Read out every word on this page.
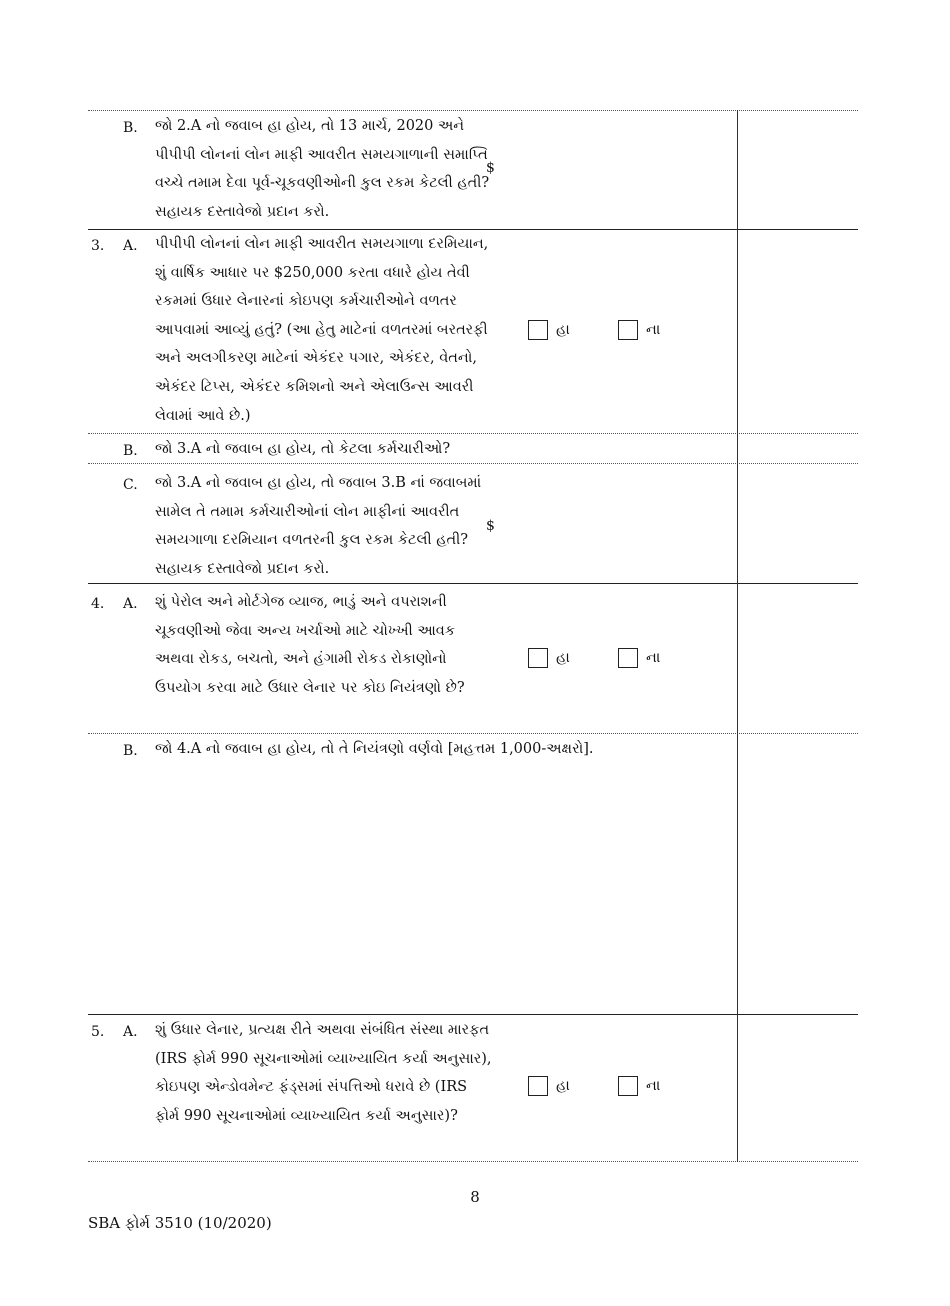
B. જો 2.A નો જવાબ હા હોય, તો 13 માર્ચ, 2020 અને પીપીપી લોનનાં લોન માફી આવરીત સમયગાળાની સમાપ્તિ વચ્ચે તમામ દેવા પૂર્વ-ચૂકવણીઓની કુલ રકમ કેટલી હતી? સહાયક દસ્તાવેજો પ્રદાન કરો.
$
3. A. પીપીપી લોનનાં લોન માફી આવરીત સમયગાળા દરમિયાન, શું વાર્ષિક આધાર પર $250,000 કરતા વધારે હોય તેવી રકમમાં ઉધાર લેનારનાં કોઇપણ કર્મચારીઓને વળતર આપવામાં આવ્યું હતું? (આ હેતુ માટેનાં વળતરમાં બરતરફી અને અલગીકરણ માટેનાં એકંદર પગાર, એકંદર, વેતનો, એકંદર ટિપ્સ, એકંદર કમિશનો અને એલાઉન્સ આવરી લેવામાં આવે છે.)
હા	ના
B. જો 3.A નો જવાબ હા હોય, તો કેટલા કર્મચારીઓ?
C. જો 3.A નો જવાબ હા હોય, તો જવાબ 3.B નાં જવાબમાં સામેલ તે તમામ કર્મચારીઓનાં લોન માફીનાં આવરીત સમયગાળા દરમિયાન વળતરની કુલ રકમ કેટલી હતી? સહાયક દસ્તાવેજો પ્રદાન કરો.
$
4. A. શું પેરોલ અને મોર્ટગેજ વ્યાજ, ભાડું અને વપરાશની ચૂકવણીઓ જેવા અન્ય ખર્ચાઓ માટે ચોખ્ખી આવક અથવા રોકડ, બચતો, અને હંગામી રોકડ રોકાણોનો ઉપયોગ કરવા માટે ઉધાર લેનાર પર કોઇ નિયંત્રણો છે?
હા	ના
B. જો 4.A નો જવાબ હા હોય, તો તે નિયંત્રણો વર્ણવો [મહત્તમ 1,000-અક્ષરો].
5. A. શું ઉધાર લેનાર, પ્રત્યક્ષ રીતે અથવા સંબંધિત સંસ્થા મારફત (IRS ફોર્મ 990 સૂચનાઓમાં વ્યાખ્યાયિત કર્યા અનુસાર), કોઇપણ એન્ડોવમેન્ટ ફંડ્સમાં સંપત્તિઓ ધરાવે છે (IRS ફોર્મ 990 સૂચનાઓમાં વ્યાખ્યાયિત કર્યા અનુસાર)?
હા	ના
8
SBA ફોર્મ 3510 (10/2020)
